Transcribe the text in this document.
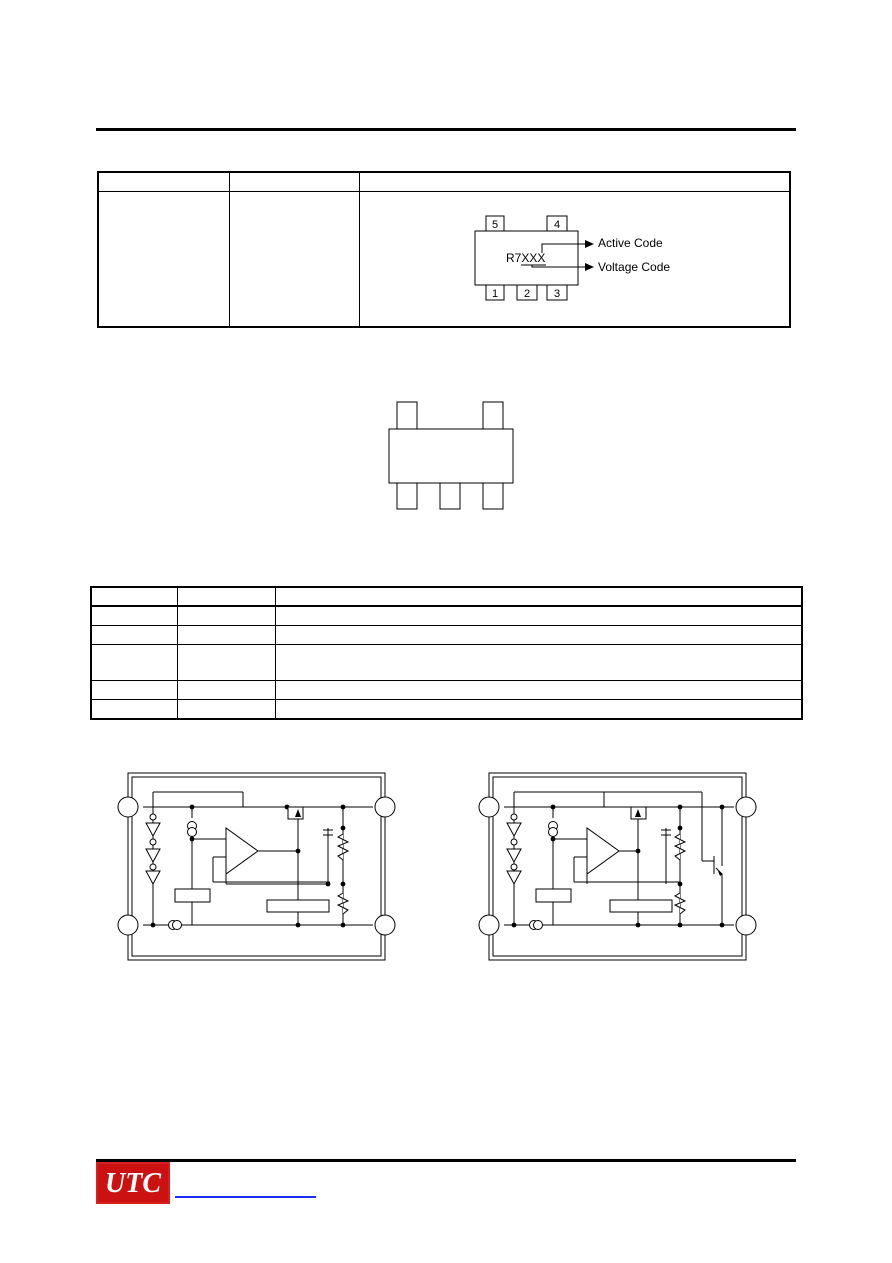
5	4
R7XXX
Active Code
Voltage Code
1 2 3

UTC
